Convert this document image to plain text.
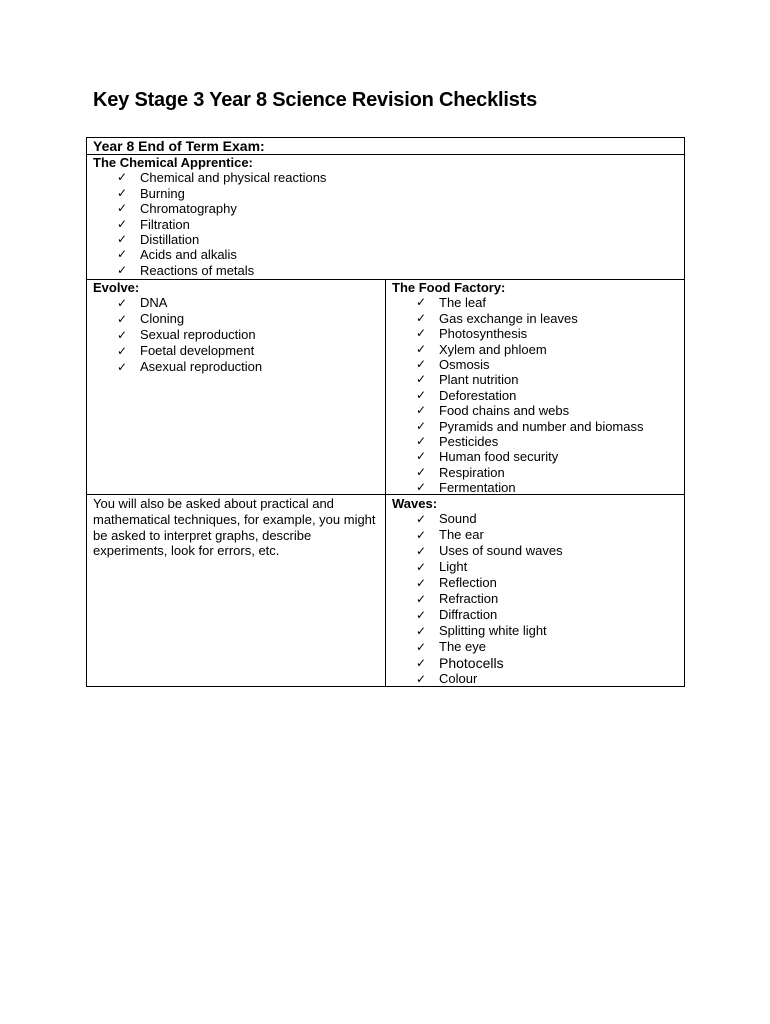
Key Stage 3 Year 8 Science Revision Checklists
Year 8 End of Term Exam:
The Chemical Apprentice:
✓ Chemical and physical reactions
✓ Burning
✓ Chromatography
✓ Filtration
✓ Distillation
✓ Acids and alkalis
✓ Reactions of metals
Evolve:
✓ DNA
✓ Cloning
✓ Sexual reproduction
✓ Foetal development
✓ Asexual reproduction
The Food Factory:
✓ The leaf
✓ Gas exchange in leaves
✓ Photosynthesis
✓ Xylem and phloem
✓ Osmosis
✓ Plant nutrition
✓ Deforestation
✓ Food chains and webs
✓ Pyramids and number and biomass
✓ Pesticides
✓ Human food security
✓ Respiration
✓ Fermentation
You will also be asked about practical and mathematical techniques, for example, you might be asked to interpret graphs, describe experiments, look for errors, etc.
Waves:
✓ Sound
✓ The ear
✓ Uses of sound waves
✓ Light
✓ Reflection
✓ Refraction
✓ Diffraction
✓ Splitting white light
✓ The eye
✓ Photocells
✓ Colour
